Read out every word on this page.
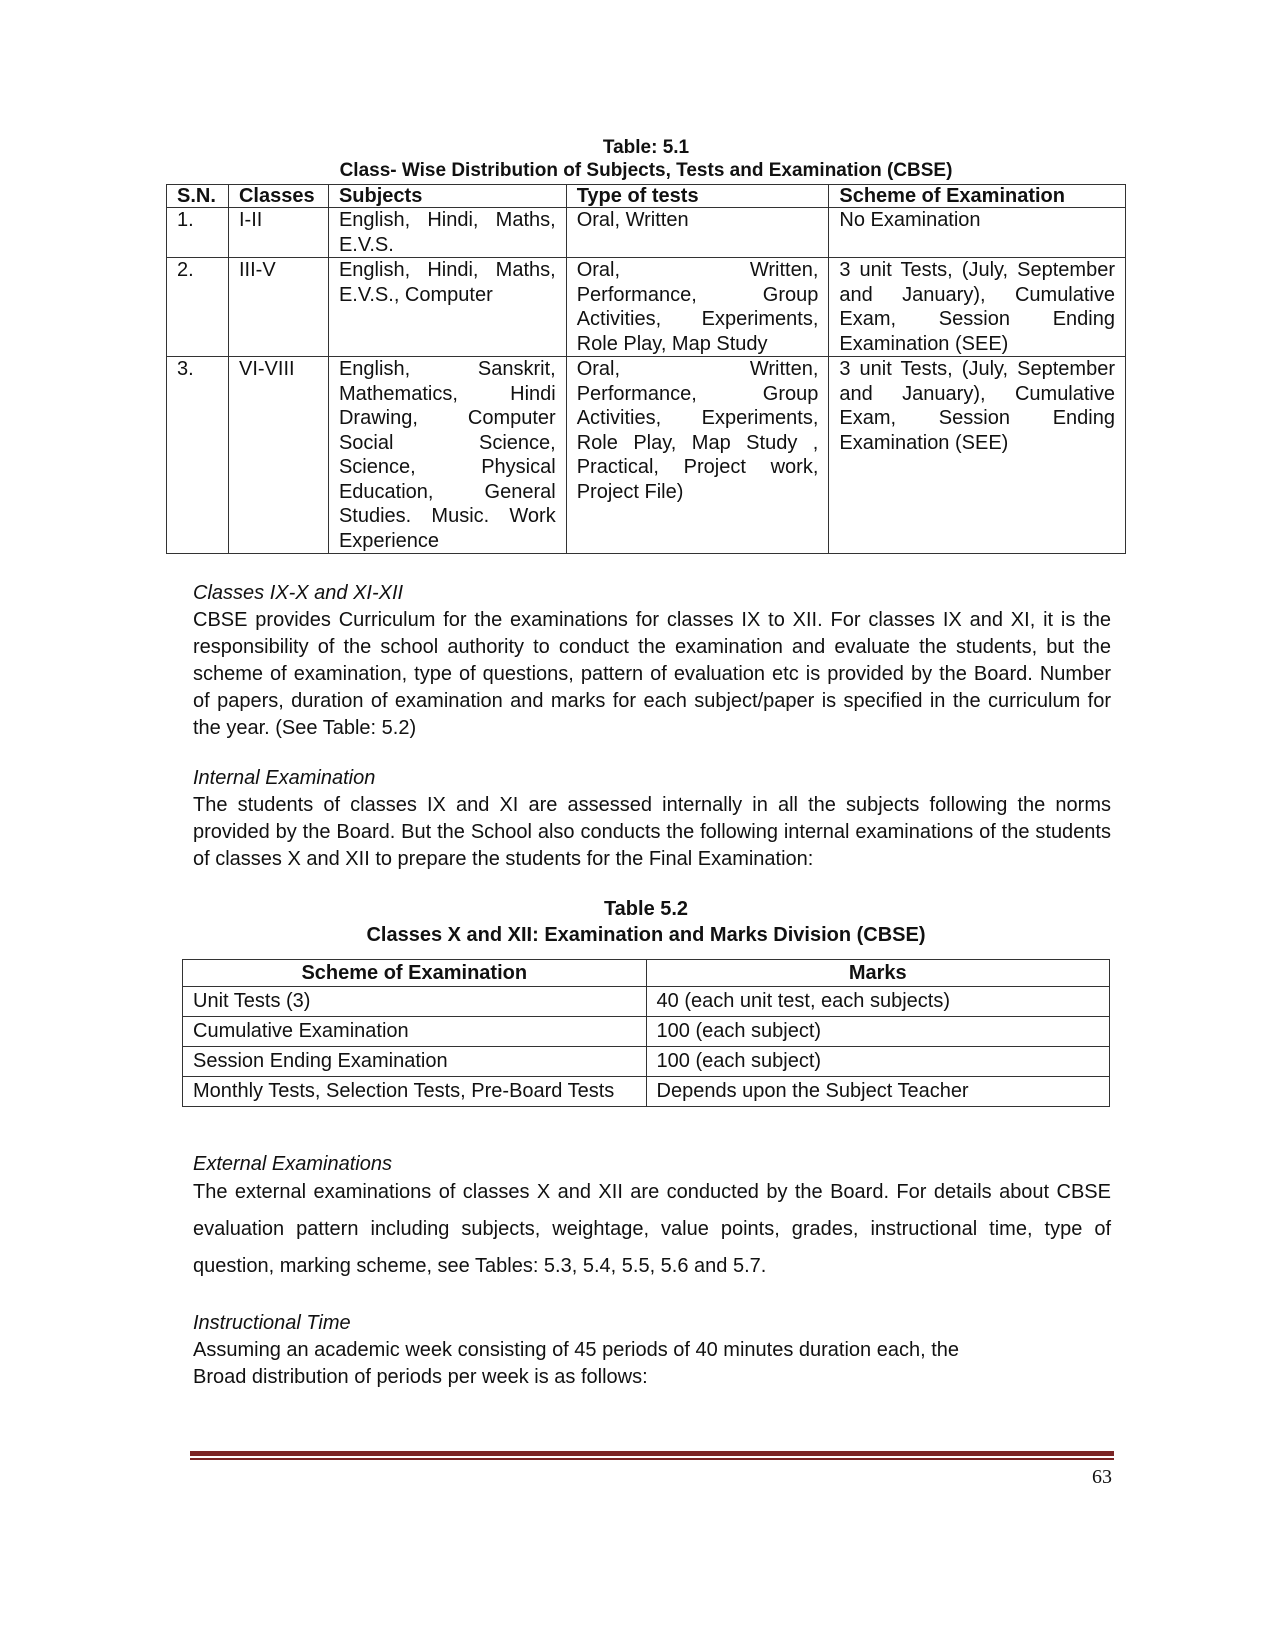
Table: 5.1
Class- Wise Distribution of Subjects, Tests and Examination (CBSE)
S.N.	Classes	Subjects	Type of tests	Scheme of Examination
1.	I-II	English, Hindi, Maths, E.V.S.	Oral, Written	No Examination
2.	III-V	English, Hindi, Maths, E.V.S., Computer	Oral, Written, Performance, Group Activities, Experiments, Role Play, Map Study	3 unit Tests, (July, September and January), Cumulative Exam, Session Ending Examination (SEE)
3.	VI-VIII	English, Sanskrit, Mathematics, Hindi Drawing, Computer Social Science, Science, Physical Education, General Studies. Music. Work Experience	Oral, Written, Performance, Group Activities, Experiments, Role Play, Map Study , Practical, Project work, Project File)	3 unit Tests, (July, September and January), Cumulative Exam, Session Ending Examination (SEE)
Classes IX-X and XI-XII
CBSE provides Curriculum for the examinations for classes IX to XII. For classes IX and XI, it is the responsibility of the school authority to conduct the examination and evaluate the students, but the scheme of examination, type of questions, pattern of evaluation etc is provided by the Board. Number of papers, duration of examination and marks for each subject/paper is specified in the curriculum for the year. (See Table: 5.2)
Internal Examination
The students of classes IX and XI are assessed internally in all the subjects following the norms provided by the Board. But the School also conducts the following internal examinations of the students of classes X and XII to prepare the students for the Final Examination:
Table 5.2
Classes X and XII: Examination and Marks Division (CBSE)
Scheme of Examination	Marks
Unit Tests (3)	40 (each unit test, each subjects)
Cumulative Examination	100 (each subject)
Session Ending Examination	100 (each subject)
Monthly Tests, Selection Tests, Pre-Board Tests	Depends upon the Subject Teacher
External Examinations
The external examinations of classes X and XII are conducted by the Board. For details about CBSE evaluation pattern including subjects, weightage, value points, grades, instructional time, type of question, marking scheme, see Tables: 5.3, 5.4, 5.5, 5.6 and 5.7.
Instructional Time
Assuming an academic week consisting of 45 periods of 40 minutes duration each, the
Broad distribution of periods per week is as follows:
63
